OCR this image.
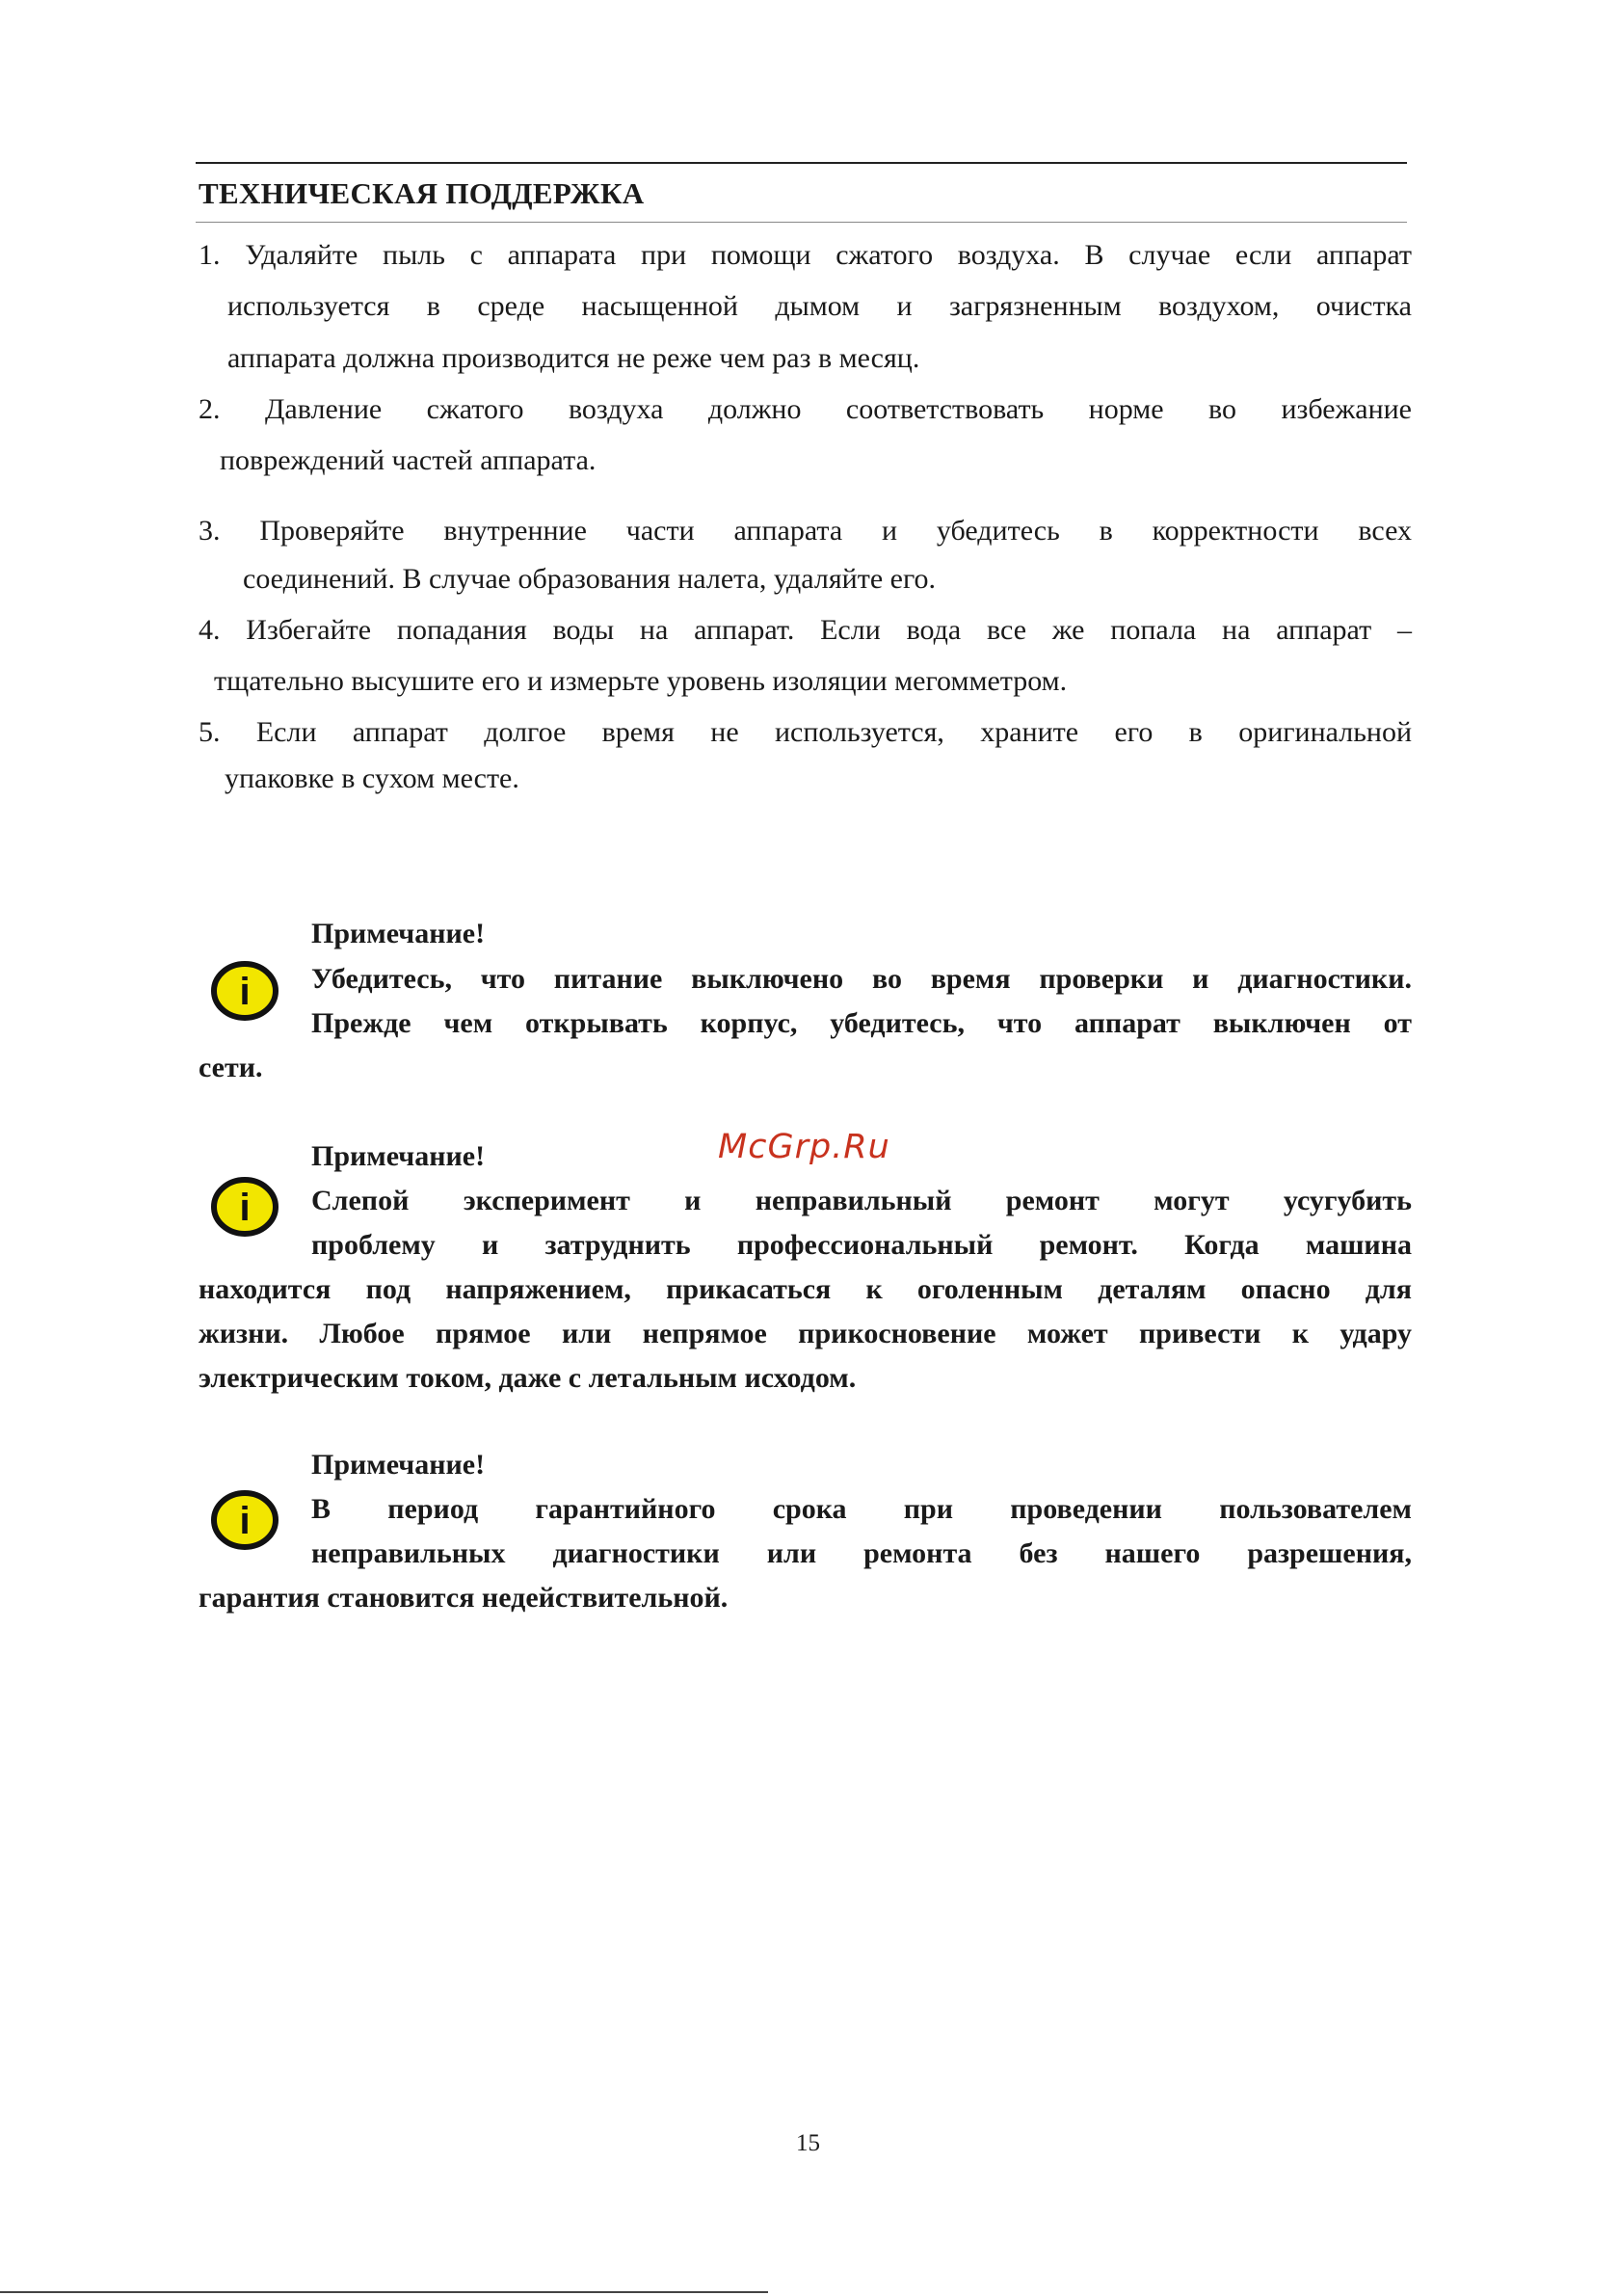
ТЕХНИЧЕСКАЯ ПОДДЕРЖКА
1. Удаляйте пыль с аппарата при помощи сжатого воздуха. В случае если аппарат
используется в среде насыщенной дымом и загрязненным воздухом, очистка
аппарата должна производится не реже чем раз в месяц.
2. Давление сжатого воздуха должно соответствовать норме во избежание
повреждений частей аппарата.
3. Проверяйте внутренние части аппарата и убедитесь в корректности всех
соединений. В случае образования налета, удаляйте его.
4. Избегайте попадания воды на аппарат. Если вода все же попала на аппарат –
тщательно высушите его и измерьте уровень изоляции мегомметром.
5. Если аппарат долгое время не используется, храните его в оригинальной
упаковке в сухом месте.
Примечание!
i Убедитесь, что питание выключено во время проверки и диагностики.
Прежде чем открывать корпус, убедитесь, что аппарат выключен от
сети.
McGrp.Ru
Примечание!
i Слепой эксперимент и неправильный ремонт могут усугубить
проблему и затруднить профессиональный ремонт. Когда машина
находится под напряжением, прикасаться к оголенным деталям опасно для
жизни. Любое прямое или непрямое прикосновение может привести к удару
электрическим током, даже с летальным исходом.
Примечание!
i В период гарантийного срока при проведении пользователем
неправильных диагностики или ремонта без нашего разрешения,
гарантия становится недействительной.
15
